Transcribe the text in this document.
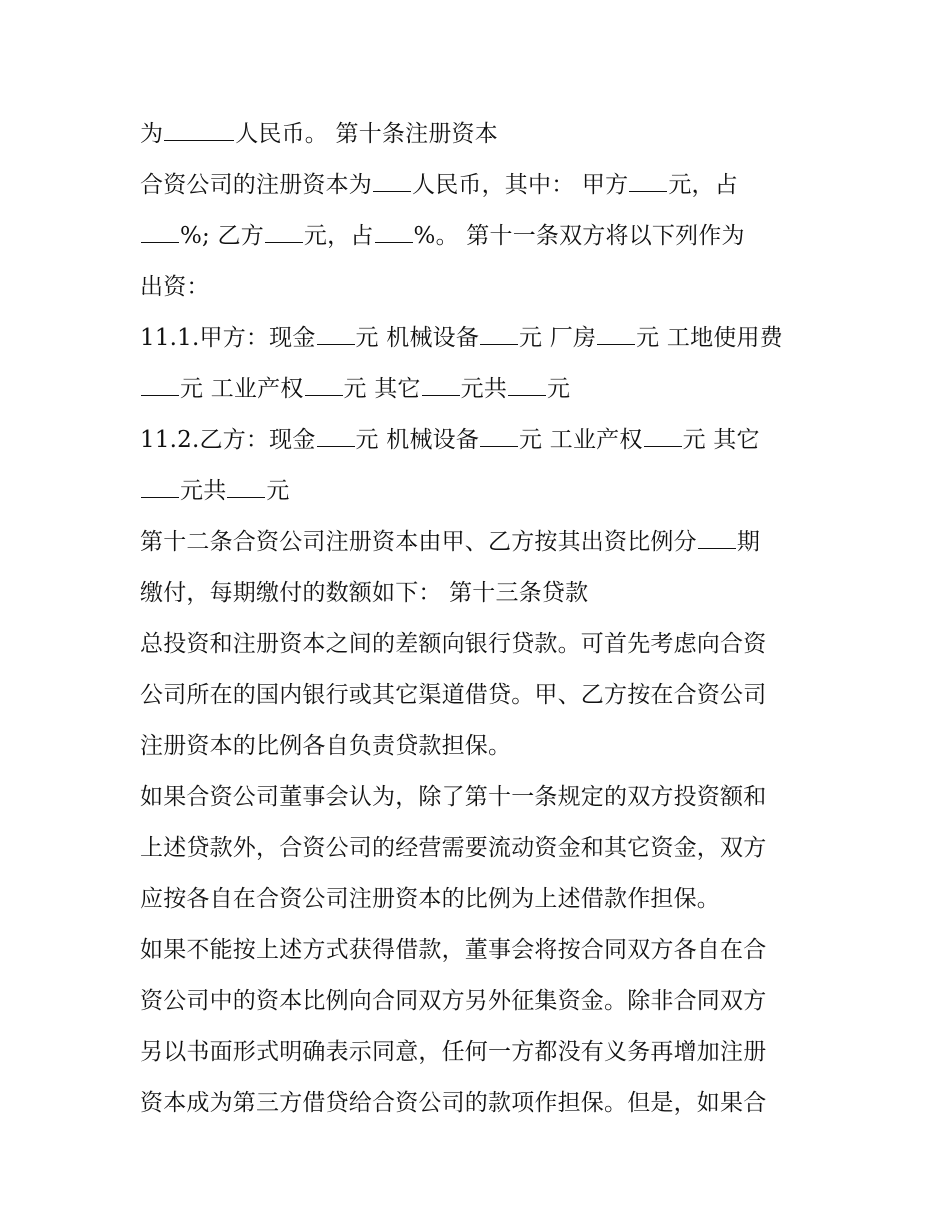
为	人民币。 第十条注册资本
合资公司的注册资本为 人民币，其中： 甲方 元，占
%; 乙方 元，占 %。 第十一条双方将以下列作为
出资：
11.1.甲方：现金 元 机械设备 元 厂房 元 工地使用费
元 工业产权 元 其它 元共 元
11.2.乙方：现金 元 机械设备 元 工业产权 元 其它
元共 元
第十二条合资公司注册资本由甲、乙方按其出资比例分 期
缴付，每期缴付的数额如下： 第十三条贷款
总投资和注册资本之间的差额向银行贷款。可首先考虑向合资
公司所在的国内银行或其它渠道借贷。甲、乙方按在合资公司
注册资本的比例各自负责贷款担保。
如果合资公司董事会认为，除了第十一条规定的双方投资额和
上述贷款外，合资公司的经营需要流动资金和其它资金，双方
应按各自在合资公司注册资本的比例为上述借款作担保。
如果不能按上述方式获得借款，董事会将按合同双方各自在合
资公司中的资本比例向合同双方另外征集资金。除非合同双方
另以书面形式明确表示同意，任何一方都没有义务再增加注册
资本成为第三方借贷给合资公司的款项作担保。但是，如果合
